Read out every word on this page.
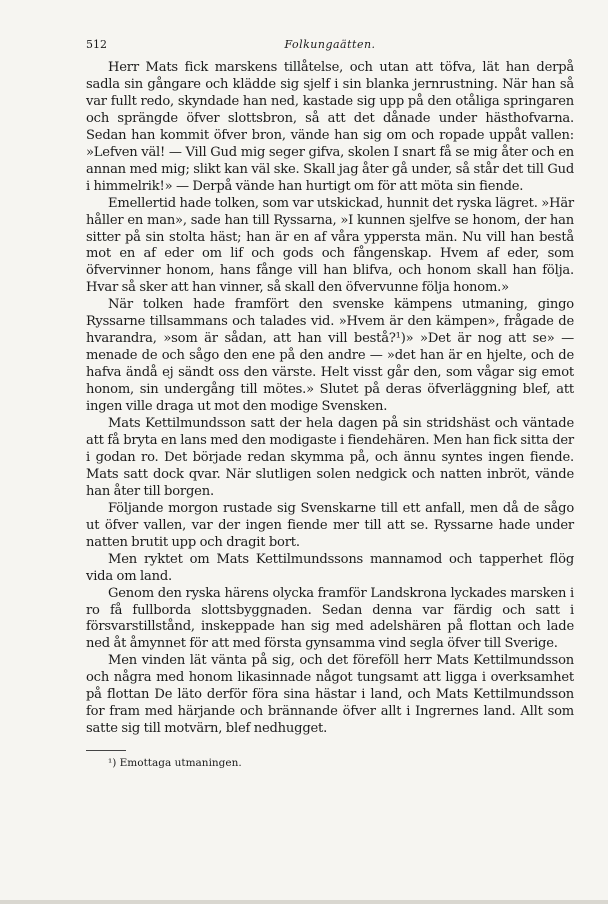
512	Folkungaätten.

Herr Mats fick marskens tillåtelse, och utan att töfva, lät han derpå sadla sin gångare och klädde sig sjelf i sin blanka jernrustning. När han så var fullt redo, skyndade han ned, kastade sig upp på den otåliga springaren och sprängde öfver slottsbron, så att det dånade under hästhofvarna. Sedan han kommit öfver bron, vände han sig om och ropade uppåt vallen: »Lefven väl! — Vill Gud mig seger gifva, skolen I snart få se mig åter och en annan med mig; slikt kan väl ske. Skall jag åter gå under, så står det till Gud i himmelrik!» — Derpå vände han hurtigt om för att möta sin fiende.

Emellertid hade tolken, som var utskickad, hunnit det ryska lägret. »Här håller en man», sade han till Ryssarna, »I kunnen sjelfve se honom, der han sitter på sin stolta häst; han är en af våra yppersta män. Nu vill han bestå mot en af eder om lif och gods och fångenskap. Hvem af eder, som öfvervinner honom, hans fånge vill han blifva, och honom skall han följa. Hvar så sker att han vinner, så skall den öfvervunne följa honom.»

När tolken hade framfört den svenske kämpens utmaning, gingo Ryssarne tillsammans och talades vid. »Hvem är den kämpen», frågade de hvarandra, »som är sådan, att han vill bestå?¹)» »Det är nog att se» — menade de och sågo den ene på den andre — »det han är en hjelte, och de hafva ändå ej sändt oss den värste. Helt visst går den, som vågar sig emot honom, sin undergång till mötes.» Slutet på deras öfverläggning blef, att ingen ville draga ut mot den modige Svensken.

Mats Kettilmundsson satt der hela dagen på sin stridshäst och väntade att få bryta en lans med den modigaste i fiendehären. Men han fick sitta der i godan ro. Det började redan skymma på, och ännu syntes ingen fiende. Mats satt dock qvar. När slutligen solen nedgick och natten inbröt, vände han åter till borgen.

Följande morgon rustade sig Svenskarne till ett anfall, men då de sågo ut öfver vallen, var der ingen fiende mer till att se. Ryssarne hade under natten brutit upp och dragit bort.

Men ryktet om Mats Kettilmundssons mannamod och tapperhet flög vida om land.

Genom den ryska härens olycka framför Landskrona lyckades marsken i ro få fullborda slottsbyggnaden. Sedan denna var färdig och satt i försvarstillstånd, inskeppade han sig med adelshären på flottan och lade ned åt åmynnet för att med första gynsamma vind segla öfver till Sverige.

Men vinden lät vänta på sig, och det föreföll herr Mats Kettilmundsson och några med honom likasinnade något tungsamt att ligga i overksamhet på flottan De läto derför föra sina hästar i land, och Mats Kettilmundsson for fram med härjande och brännande öfver allt i Ingrernes land. Allt som satte sig till motvärn, blef nedhugget.

¹) Emottaga utmaningen.
